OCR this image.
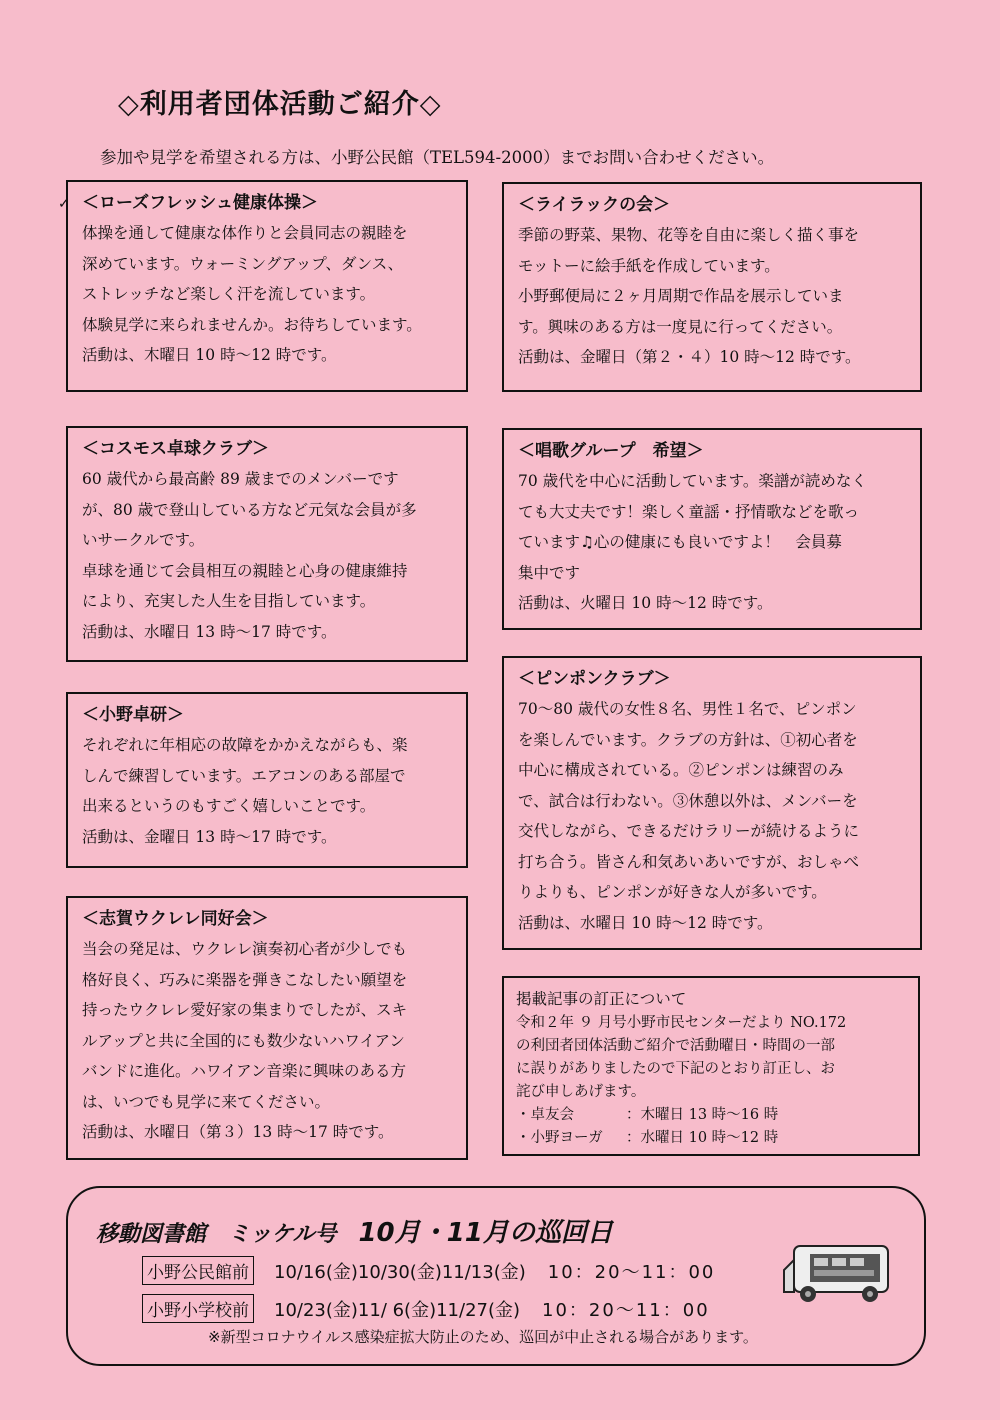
◇利用者団体活動ご紹介◇
参加や見学を希望される方は、小野公民館（TEL594-2000）までお問い合わせください。
✓ ＜ローズフレッシュ健康体操＞

体操を通して健康な体作りと会員同志の親睦を

深めています。ウォーミングアップ、ダンス、

ストレッチなど楽しく汗を流しています。

体験見学に来られませんか。お待ちしています。

活動は、木曜日 10 時～12 時です。

＜ライラックの会＞

季節の野菜、果物、花等を自由に楽しく描く事を

モットーに絵手紙を作成しています。

小野郵便局に２ヶ月周期で作品を展示していま

す。興味のある方は一度見に行ってください。

活動は、金曜日（第２・４）10 時～12 時です。

＜コスモス卓球クラブ＞

60 歳代から最高齢 89 歳までのメンバーです

が、80 歳で登山している方など元気な会員が多

いサークルです。

卓球を通じて会員相互の親睦と心身の健康維持

により、充実した人生を目指しています。

活動は、水曜日 13 時～17 時です。

＜唱歌グループ　希望＞

70 歳代を中心に活動しています。楽譜が読めなく

ても大丈夫です！楽しく童謡・抒情歌などを歌っ

ています♫心の健康にも良いですよ！　会員募

集中です

活動は、火曜日 10 時～12 時です。

＜小野卓研＞

それぞれに年相応の故障をかかえながらも、楽

しんで練習しています。エアコンのある部屋で

出来るというのもすごく嬉しいことです。

活動は、金曜日 13 時～17 時です。

＜ピンポンクラブ＞

70～80 歳代の女性８名、男性１名で、ピンポン

を楽しんでいます。クラブの方針は、①初心者を

中心に構成されている。②ピンポンは練習のみ

で、試合は行わない。③休憩以外は、メンバーを

交代しながら、できるだけラリーが続けるように

打ち合う。皆さん和気あいあいですが、おしゃべ

りよりも、ピンポンが好きな人が多いです。

活動は、水曜日 10 時～12 時です。

＜志賀ウクレレ同好会＞

当会の発足は、ウクレレ演奏初心者が少しでも

格好良く、巧みに楽器を弾きこなしたい願望を

持ったウクレレ愛好家の集まりでしたが、スキ

ルアップと共に全国的にも数少ないハワイアン

バンドに進化。ハワイアン音楽に興味のある方

は、いつでも見学に来てください。

活動は、水曜日（第３）13 時～17 時です。

掲載記事の訂正について
令和２年 ９ 月号小野市民センターだより NO.172
の利団者団体活動ご紹介で活動曜日・時間の一部
に誤りがありましたので下記のとおり訂正し、お
詫び申しあげます。
・卓友会	：木曜日 13 時～16 時
・小野ヨーガ	：水曜日 10 時～12 時
移動図書館　ミッケル号 10月・11月の巡回日
小野公民館前 10/16(金)10/30(金)11/13(金) 10：20～11：00
小野小学校前 10/23(金)11/ 6(金)11/27(金) 10：20～11：00
※新型コロナウイルス感染症拡大防止のため、巡回が中止される場合があります。
